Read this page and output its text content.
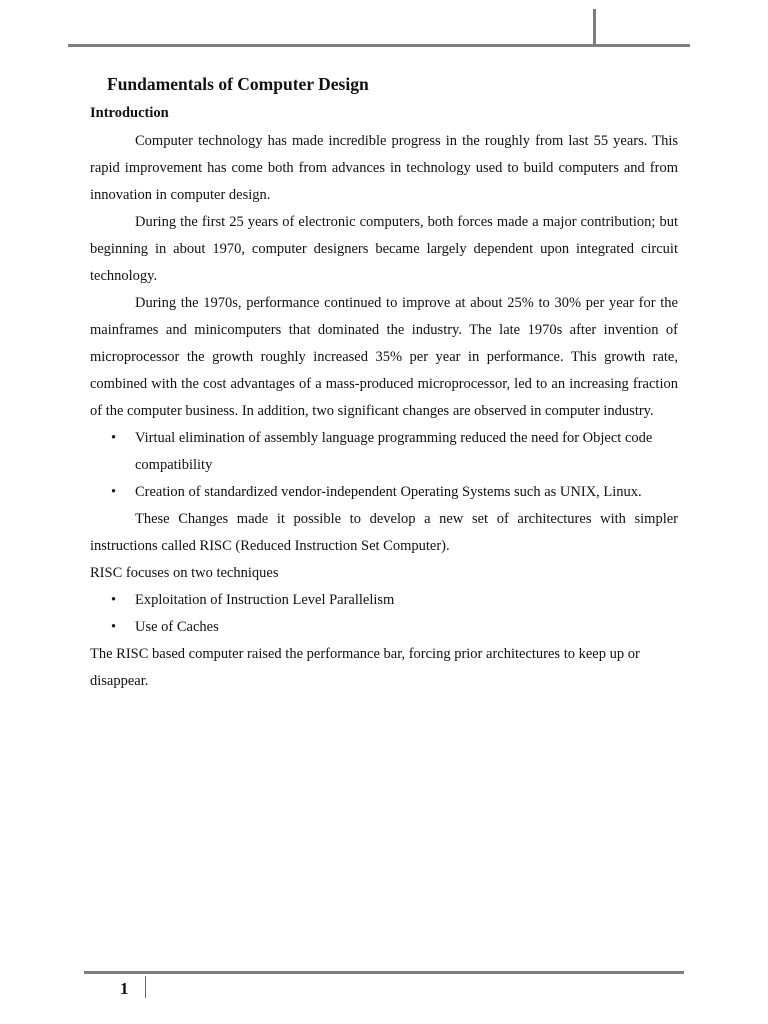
Fundamentals of Computer Design
Introduction

Computer technology has made incredible progress in the roughly from last 55 years. This rapid improvement has come both from advances in technology used to build computers and from innovation in computer design.

During the first 25 years of electronic computers, both forces made a major contribution; but beginning in about 1970, computer designers became largely dependent upon integrated circuit technology.

During the 1970s, performance continued to improve at about 25% to 30% per year for the mainframes and minicomputers that dominated the industry. The late 1970s after invention of microprocessor the growth roughly increased 35% per year in performance. This growth rate, combined with the cost advantages of a mass-produced microprocessor, led to an increasing fraction of the computer business. In addition, two significant changes are observed in computer industry.

• Virtual elimination of assembly language programming reduced the need for Object code compatibility
• Creation of standardized vendor-independent Operating Systems such as UNIX, Linux.

These Changes made it possible to develop a new set of architectures with simpler instructions called RISC (Reduced Instruction Set Computer).

RISC focuses on two techniques

• Exploitation of Instruction Level Parallelism
• Use of Caches

The RISC based computer raised the performance bar, forcing prior architectures to keep up or disappear.

1
